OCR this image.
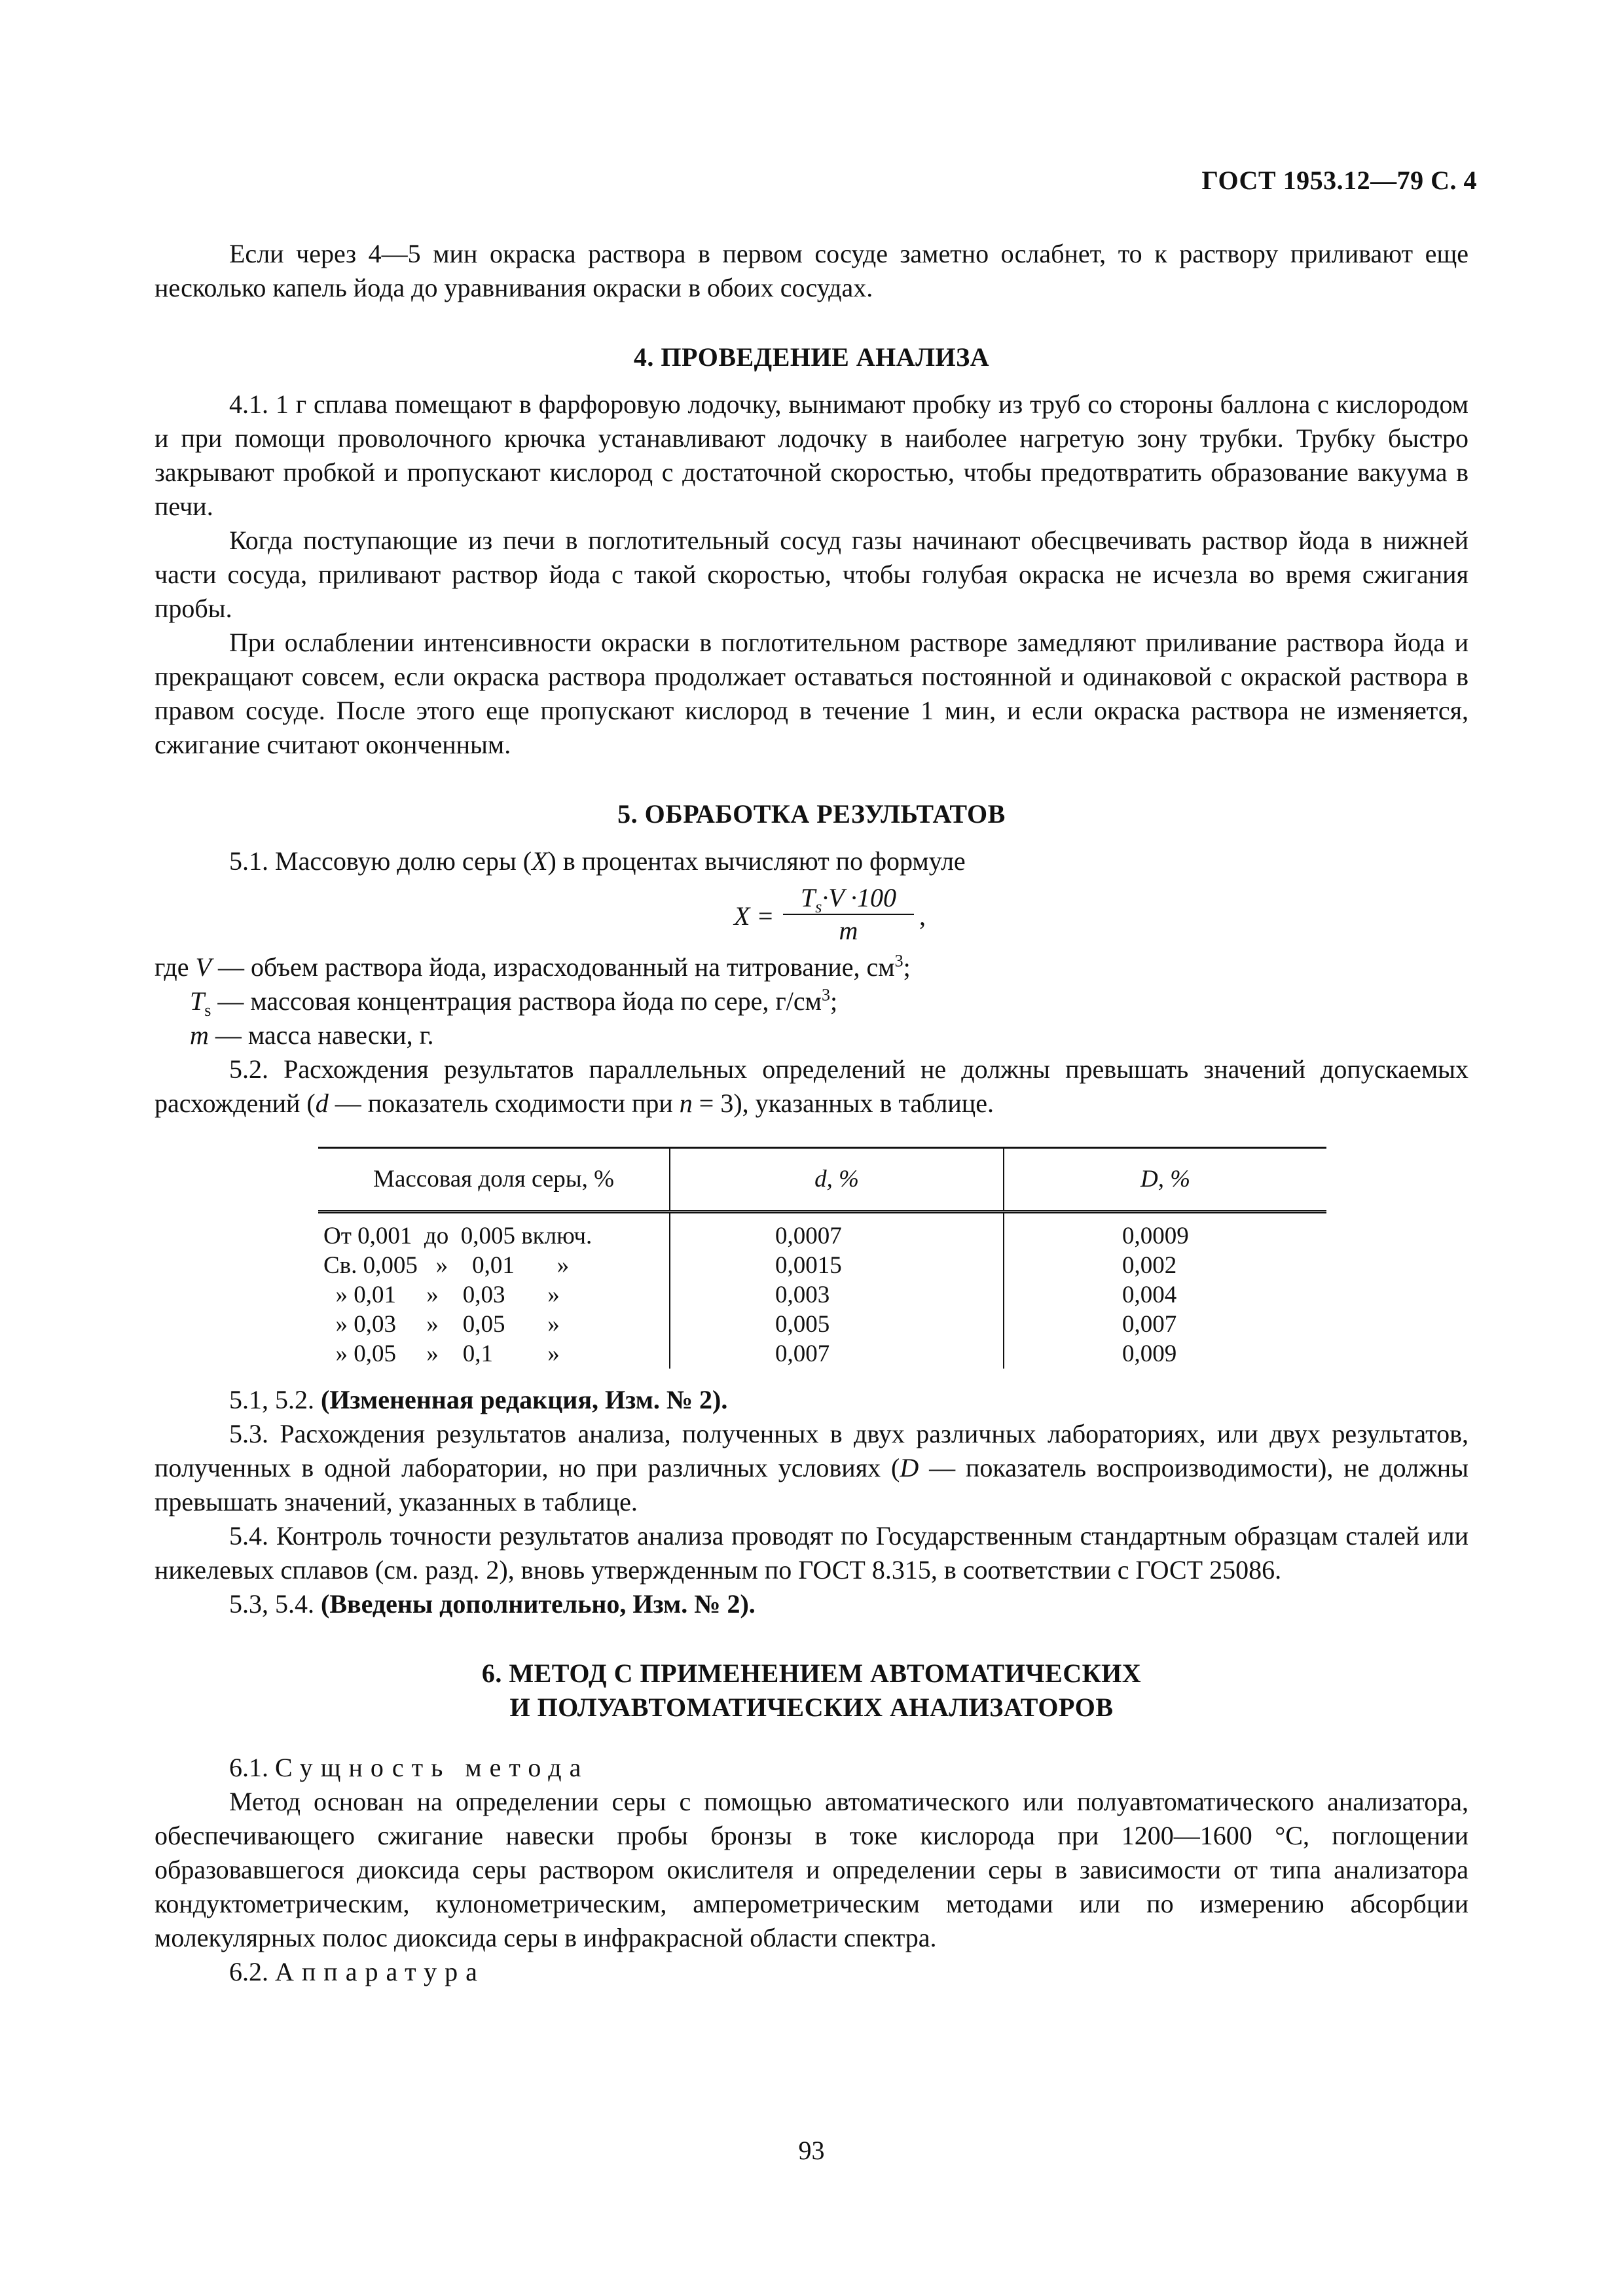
ГОСТ 1953.12—79 С. 4

Если через 4—5 мин окраска раствора в первом сосуде заметно ослабнет, то к раствору приливают еще несколько капель йода до уравнивания окраски в обоих сосудах.

4. ПРОВЕДЕНИЕ АНАЛИЗА

4.1. 1 г сплава помещают в фарфоровую лодочку, вынимают пробку из труб со стороны баллона с кислородом и при помощи проволочного крючка устанавливают лодочку в наиболее нагретую зону трубки. Трубку быстро закрывают пробкой и пропускают кислород с достаточной скоростью, чтобы предотвратить образование вакуума в печи.

Когда поступающие из печи в поглотительный сосуд газы начинают обесцвечивать раствор йода в нижней части сосуда, приливают раствор йода с такой скоростью, чтобы голубая окраска не исчезла во время сжигания пробы.

При ослаблении интенсивности окраски в поглотительном растворе замедляют приливание раствора йода и прекращают совсем, если окраска раствора продолжает оставаться постоянной и одинаковой с окраской раствора в правом сосуде. После этого еще пропускают кислород в течение 1 мин, и если окраска раствора не изменяется, сжигание считают оконченным.

5. ОБРАБОТКА РЕЗУЛЬТАТОВ

5.1. Массовую долю серы (X) в процентах вычисляют по формуле

$X = \frac{T_s\cdot V \cdot 100}{m}$ ,

где V — объем раствора йода, израсходованный на титрование, $см^3$;

$T_s$ — массовая концентрация раствора йода по сере, $г/см^3$;

m — масса навески, г.

5.2. Расхождения результатов параллельных определений не должны превышать значений допускаемых расхождений (d — показатель сходимости при n = 3), указанных в таблице.

Массовая доля серы, %	d, %	D, %
От 0,001  до  0,005 включ.	0,0007	0,0009
Св. 0,005   »    0,01       »	0,0015	0,002
» 0,01     »    0,03       »	0,003	0,004
» 0,03     »    0,05       »	0,005	0,007
» 0,05     »    0,1         »	0,007	0,009

5.1, 5.2. (Измененная редакция, Изм. № 2).

5.3. Расхождения результатов анализа, полученных в двух различных лабораториях, или двух результатов, полученных в одной лаборатории, но при различных условиях (D — показатель воспроизводимости), не должны превышать значений, указанных в таблице.

5.4. Контроль точности результатов анализа проводят по Государственным стандартным образцам сталей или никелевых сплавов (см. разд. 2), вновь утвержденным по ГОСТ 8.315, в соответствии с ГОСТ 25086.

5.3, 5.4. (Введены дополнительно, Изм. № 2).

6. МЕТОД С ПРИМЕНЕНИЕМ АВТОМАТИЧЕСКИХ
И ПОЛУАВТОМАТИЧЕСКИХ АНАЛИЗАТОРОВ

6.1. Сущность метода

Метод основан на определении серы с помощью автоматического или полуавтоматического анализатора, обеспечивающего сжигание навески пробы бронзы в токе кислорода при 1200—1600 °С, поглощении образовавшегося диоксида серы раствором окислителя и определении серы в зависимости от типа анализатора кондуктометрическим, кулонометрическим, амперометрическим методами или по измерению абсорбции молекулярных полос диоксида серы в инфракрасной области спектра.

6.2. Аппаратура

93
